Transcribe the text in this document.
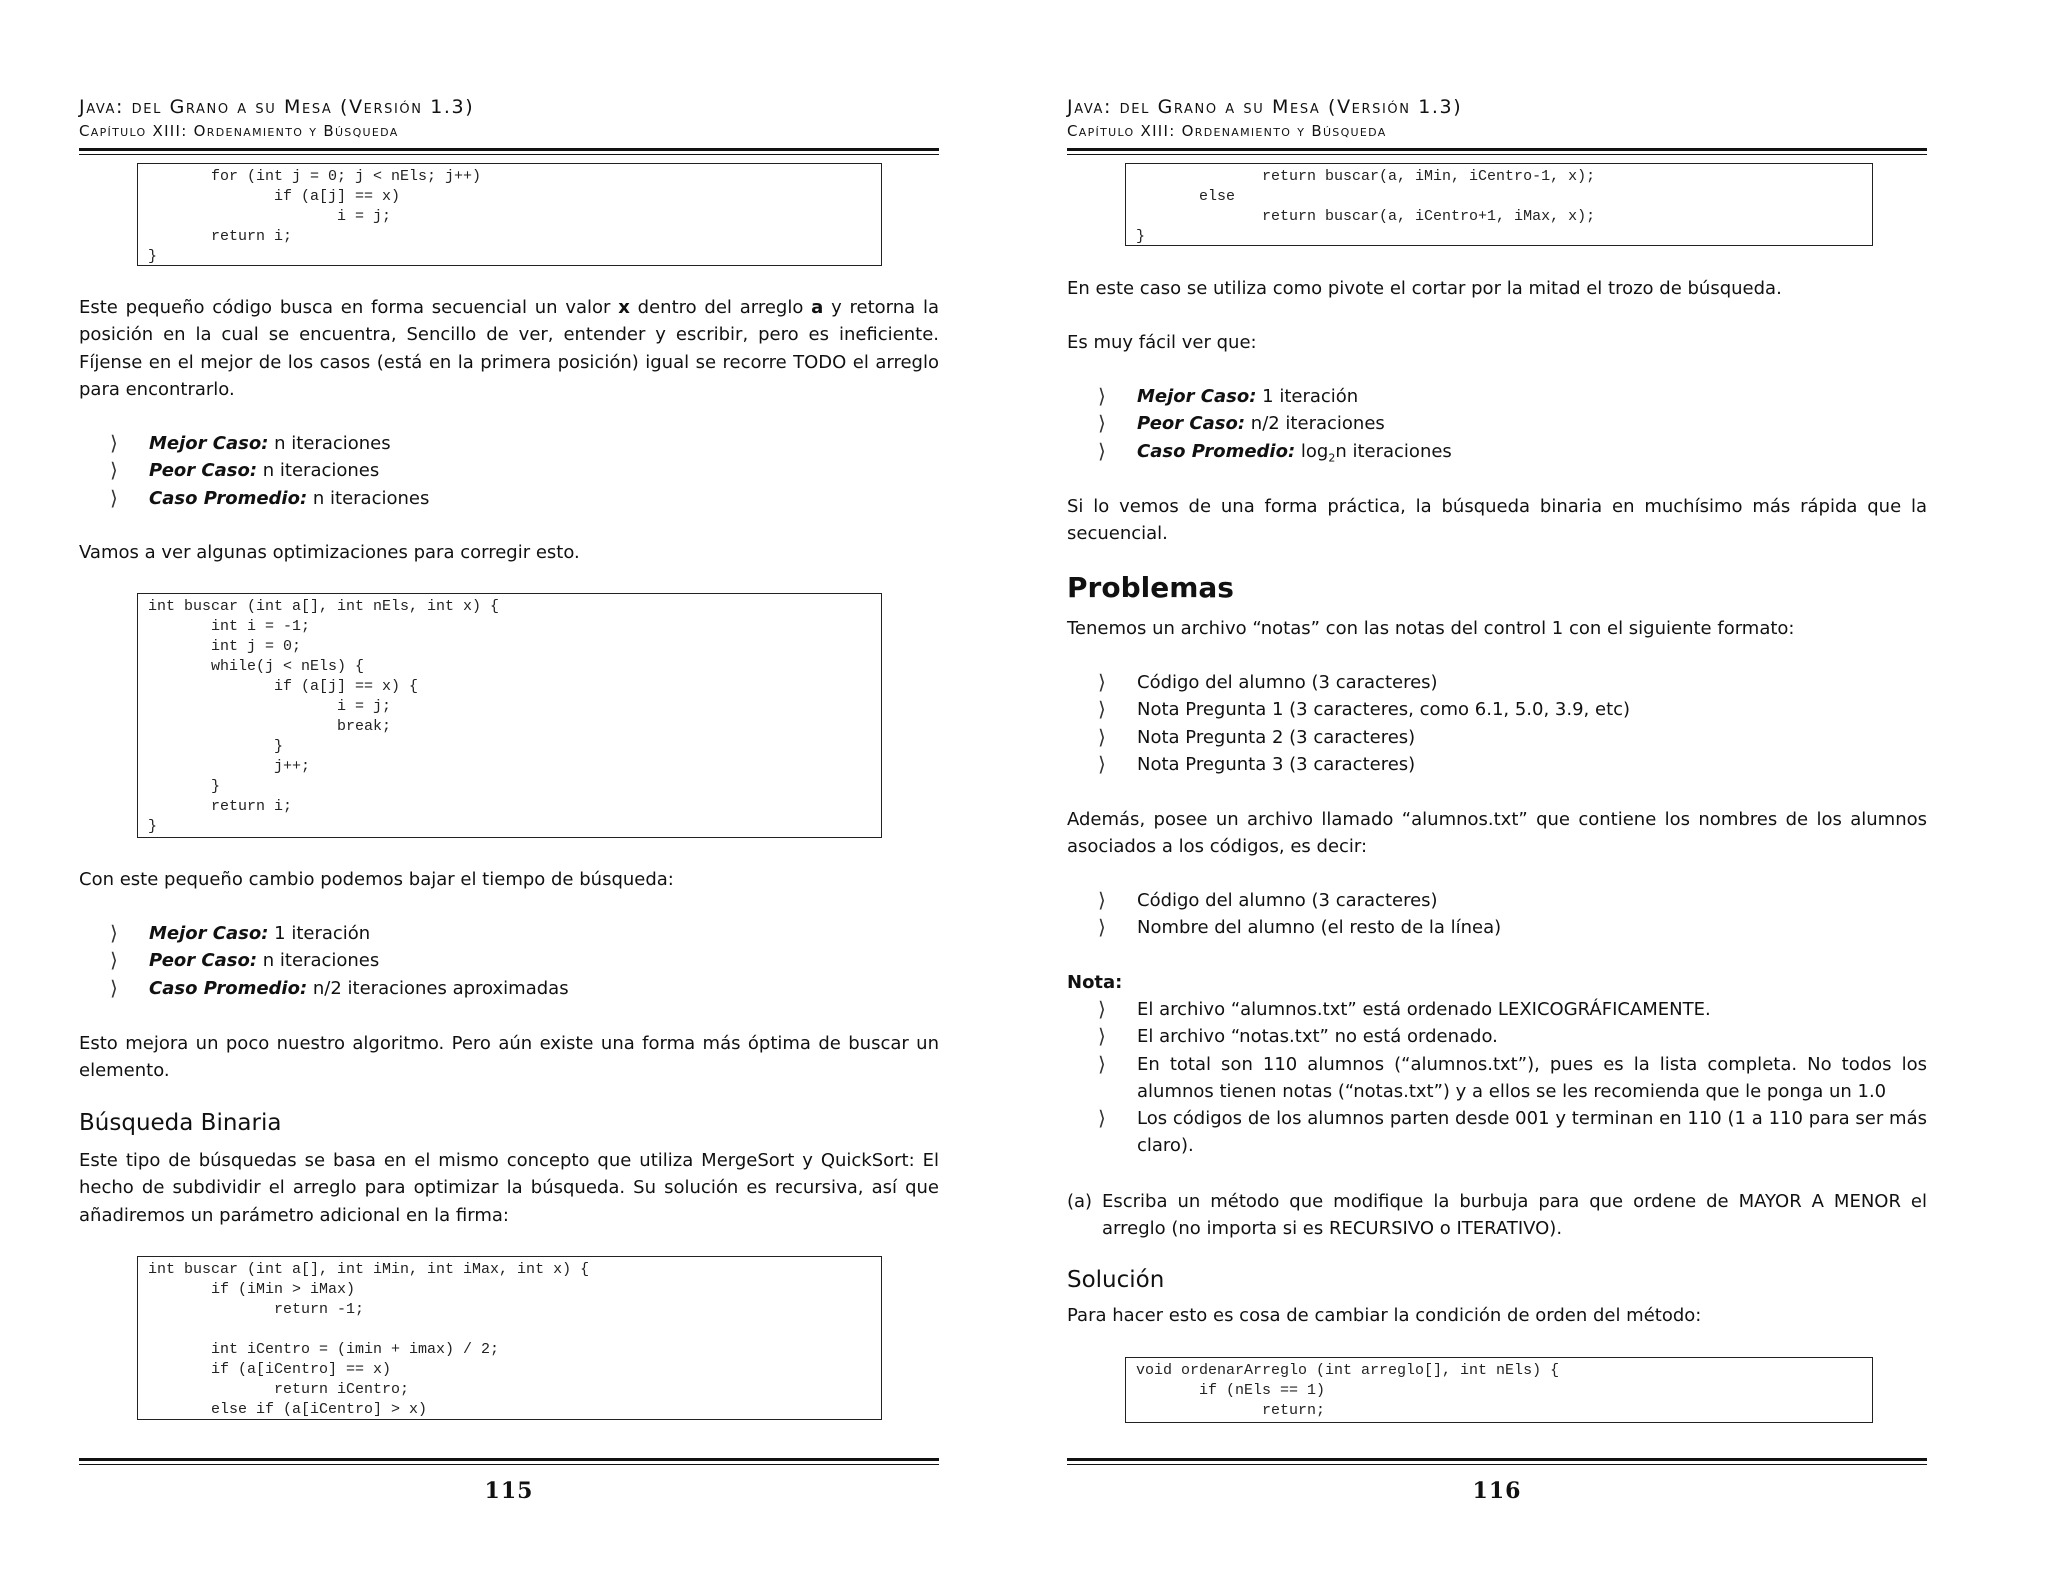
Java: del Grano a su Mesa (Versión 1.3)
Capítulo XIII: Ordenamiento y Búsqueda
for (int j = 0; j < nEls; j++)
if (a[j] == x)
i = j;
return i;
}

Este pequeño código busca en forma secuencial un valor x dentro del arreglo a y retorna la posición en la cual se encuentra, Sencillo de ver, entender y escribir, pero es ineficiente. Fíjense en el mejor de los casos (está en la primera posición) igual se recorre TODO el arreglo para encontrarlo.

⟩ Mejor Caso: n iteraciones
⟩ Peor Caso: n iteraciones
⟩ Caso Promedio: n iteraciones

Vamos a ver algunas optimizaciones para corregir esto.

int buscar (int a[], int nEls, int x) {
int i = -1;
int j = 0;
while(j < nEls) {
if (a[j] == x) {
i = j;
break;
}
j++;
}
return i;
}

Con este pequeño cambio podemos bajar el tiempo de búsqueda:

⟩ Mejor Caso: 1 iteración
⟩ Peor Caso: n iteraciones
⟩ Caso Promedio: n/2 iteraciones aproximadas

Esto mejora un poco nuestro algoritmo. Pero aún existe una forma más óptima de buscar un elemento.

Búsqueda Binaria

Este tipo de búsquedas se basa en el mismo concepto que utiliza MergeSort y QuickSort: El hecho de subdividir el arreglo para optimizar la búsqueda. Su solución es recursiva, así que añadiremos un parámetro adicional en la firma:

int buscar (int a[], int iMin, int iMax, int x) {
if (iMin > iMax)
return -1;

int iCentro = (imin + imax) / 2;
if (a[iCentro] == x)
return iCentro;
else if (a[iCentro] > x)
115
Java: del Grano a su Mesa (Versión 1.3)
Capítulo XIII: Ordenamiento y Búsqueda
return buscar(a, iMin, iCentro-1, x);
else
return buscar(a, iCentro+1, iMax, x);
}

En este caso se utiliza como pivote el cortar por la mitad el trozo de búsqueda.

Es muy fácil ver que:

⟩ Mejor Caso: 1 iteración
⟩ Peor Caso: n/2 iteraciones
⟩ Caso Promedio: $\log_2n$ iteraciones

Si lo vemos de una forma práctica, la búsqueda binaria en muchísimo más rápida que la secuencial.

Problemas

Tenemos un archivo “notas” con las notas del control 1 con el siguiente formato:

⟩ Código del alumno (3 caracteres)
⟩ Nota Pregunta 1 (3 caracteres, como 6.1, 5.0, 3.9, etc)
⟩ Nota Pregunta 2 (3 caracteres)
⟩ Nota Pregunta 3 (3 caracteres)

Además, posee un archivo llamado “alumnos.txt” que contiene los nombres de los alumnos asociados a los códigos, es decir:

⟩ Código del alumno (3 caracteres)
⟩ Nombre del alumno (el resto de la línea)
Nota:
⟩ El archivo “alumnos.txt” está ordenado LEXICOGRÁFICAMENTE.
⟩ El archivo “notas.txt” no está ordenado.
⟩ En total son 110 alumnos (“alumnos.txt”), pues es la lista completa. No todos los alumnos tienen notas (“notas.txt”) y a ellos se les recomienda que le ponga un 1.0
⟩ Los códigos de los alumnos parten desde 001 y terminan en 110 (1 a 110 para ser más claro).
(a) Escriba un método que modifique la burbuja para que ordene de MAYOR A MENOR el arreglo (no importa si es RECURSIVO o ITERATIVO).
Solución

Para hacer esto es cosa de cambiar la condición de orden del método:

void ordenarArreglo (int arreglo[], int nEls) {
if (nEls == 1)
return;
116
